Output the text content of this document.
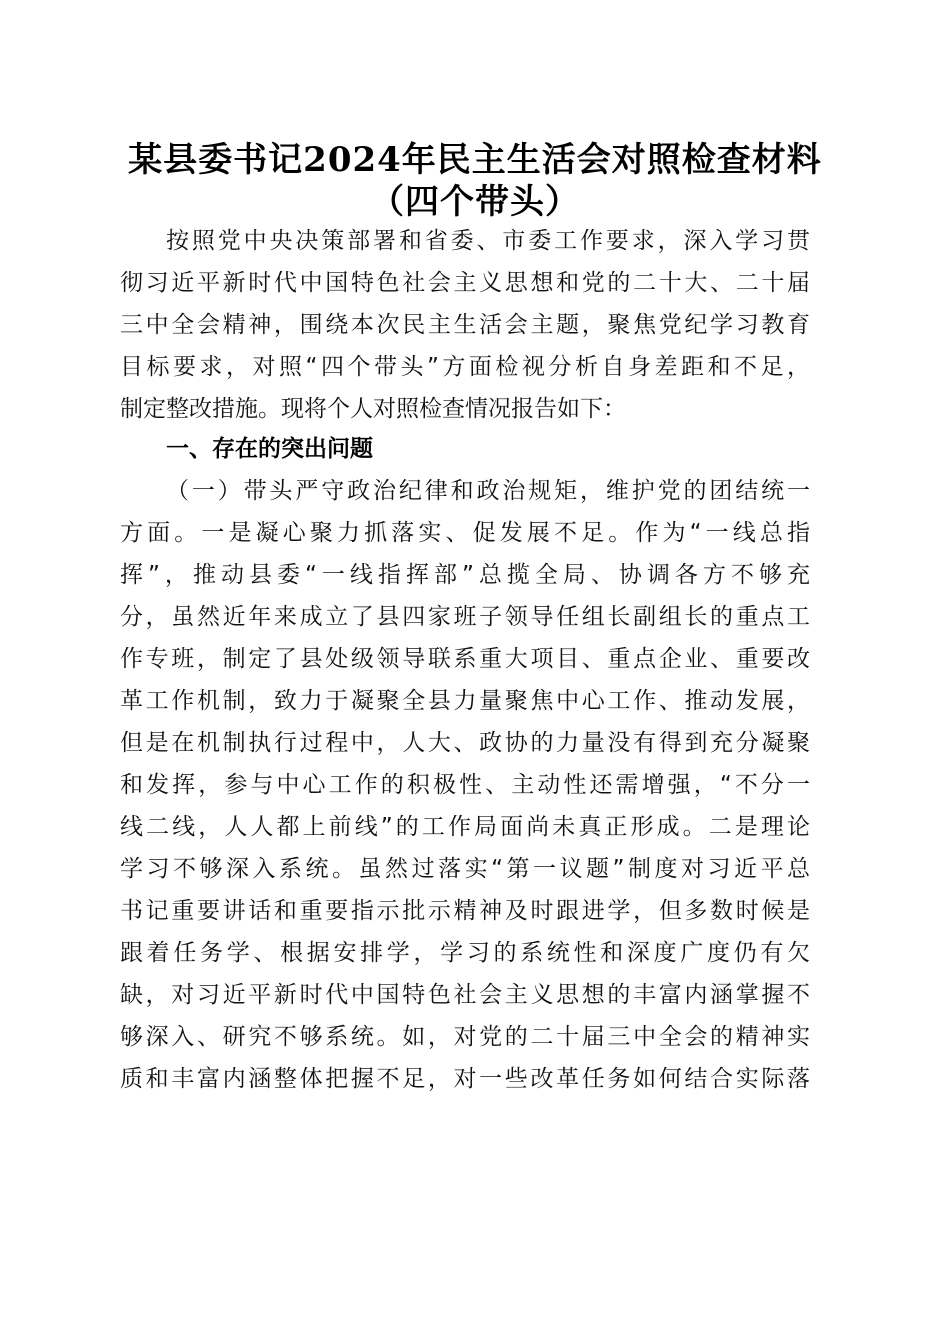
某县委书记2024年民主生活会对照检查材料
（四个带头）
按照党中央决策部署和省委、市委工作要求，深入学习贯
彻习近平新时代中国特色社会主义思想和党的二十大、二十届
三中全会精神，围绕本次民主生活会主题，聚焦党纪学习教育
目标要求，对照“四个带头”方面检视分析自身差距和不足，
制定整改措施。现将个人对照检查情况报告如下：
一、存在的突出问题
（一）带头严守政治纪律和政治规矩，维护党的团结统一
方面。一是凝心聚力抓落实、促发展不足。作为“一线总指
挥”，推动县委“一线指挥部”总揽全局、协调各方不够充
分，虽然近年来成立了县四家班子领导任组长副组长的重点工
作专班，制定了县处级领导联系重大项目、重点企业、重要改
革工作机制，致力于凝聚全县力量聚焦中心工作、推动发展，
但是在机制执行过程中，人大、政协的力量没有得到充分凝聚
和发挥，参与中心工作的积极性、主动性还需增强，“不分一
线二线，人人都上前线”的工作局面尚未真正形成。二是理论
学习不够深入系统。虽然过落实“第一议题”制度对习近平总
书记重要讲话和重要指示批示精神及时跟进学，但多数时候是
跟着任务学、根据安排学，学习的系统性和深度广度仍有欠
缺，对习近平新时代中国特色社会主义思想的丰富内涵掌握不
够深入、研究不够系统。如，对党的二十届三中全会的精神实
质和丰富内涵整体把握不足，对一些改革任务如何结合实际落
